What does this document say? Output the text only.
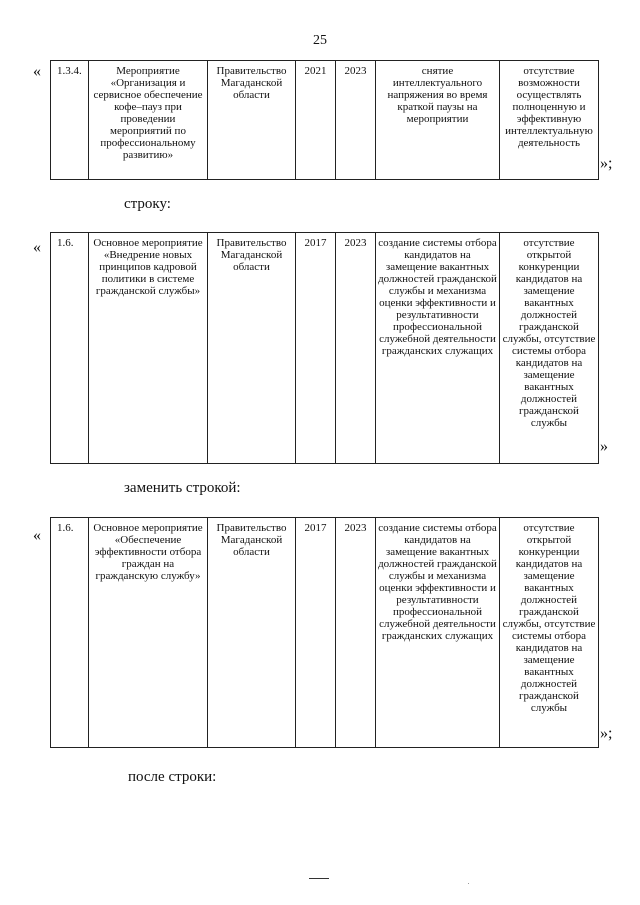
25
« 1.3.4.	Мероприятие «Организация и сервисное обеспечение кофе–пауз при проведении мероприятий по профессиональному развитию»	Правительство Магаданской области	2021	2023	снятие интеллектуального напряжения во время краткой паузы на мероприятии	отсутствие возможности осуществлять полноценную и эффективную интеллектуальную деятельность
»;
строку:
« 1.6.	Основное мероприятие «Внедрение новых принципов кадровой политики в системе гражданской службы»	Правительство Магаданской области	2017	2023	создание системы отбора кандидатов на замещение вакантных должностей гражданской службы и механизма оценки эффективности и результативности профессиональной служебной деятельности гражданских служащих	отсутствие открытой конкуренции кандидатов на замещение вакантных должностей гражданской службы, отсутствие системы отбора кандидатов на замещение вакантных должностей гражданской службы
»
заменить строкой:
« 1.6.	Основное мероприятие «Обеспечение эффективности отбора граждан на гражданскую службу»	Правительство Магаданской области	2017	2023	создание системы отбора кандидатов на замещение вакантных должностей гражданской службы и механизма оценки эффективности и результативности профессиональной служебной деятельности гражданских служащих	отсутствие открытой конкуренции кандидатов на замещение вакантных должностей гражданской службы, отсутствие системы отбора кандидатов на замещение вакантных должностей гражданской службы
»;
после строки:
